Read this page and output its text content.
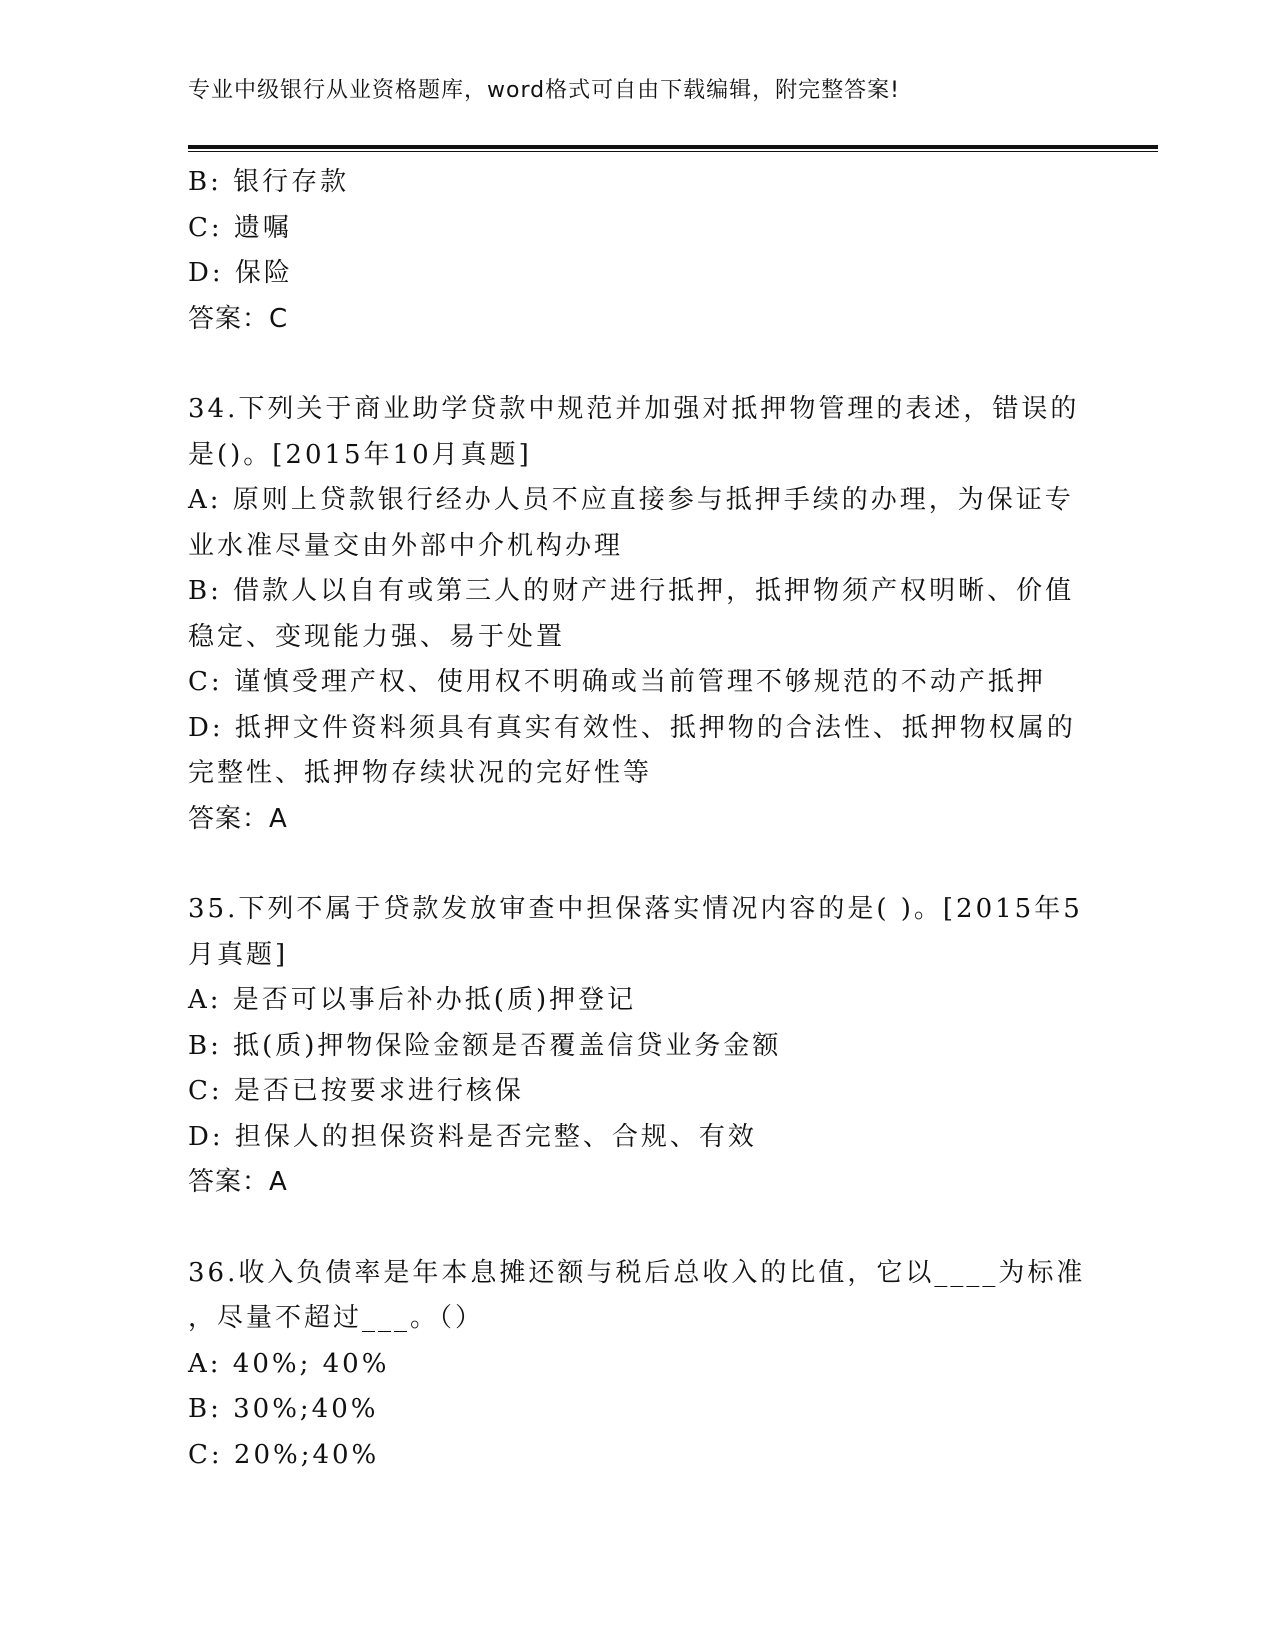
专业中级银行从业资格题库，word格式可自由下载编辑，附完整答案!
B: 银行存款
C: 遗嘱
D: 保险
答案：C
34.下列关于商业助学贷款中规范并加强对抵押物管理的表述，错误的
是()。[2015年10月真题]
A: 原则上贷款银行经办人员不应直接参与抵押手续的办理，为保证专
业水准尽量交由外部中介机构办理
B: 借款人以自有或第三人的财产进行抵押，抵押物须产权明晰、价值
稳定、变现能力强、易于处置
C: 谨慎受理产权、使用权不明确或当前管理不够规范的不动产抵押
D: 抵押文件资料须具有真实有效性、抵押物的合法性、抵押物权属的
完整性、抵押物存续状况的完好性等
答案：A
35.下列不属于贷款发放审查中担保落实情况内容的是( )。[2015年5
月真题]
A: 是否可以事后补办抵(质)押登记
B: 抵(质)押物保险金额是否覆盖信贷业务金额
C: 是否已按要求进行核保
D: 担保人的担保资料是否完整、合规、有效
答案：A
36.收入负债率是年本息摊还额与税后总收入的比值，它以____为标准
，尽量不超过___。（）
A: 40%; 40%
B: 30%;40%
C: 20%;40%
